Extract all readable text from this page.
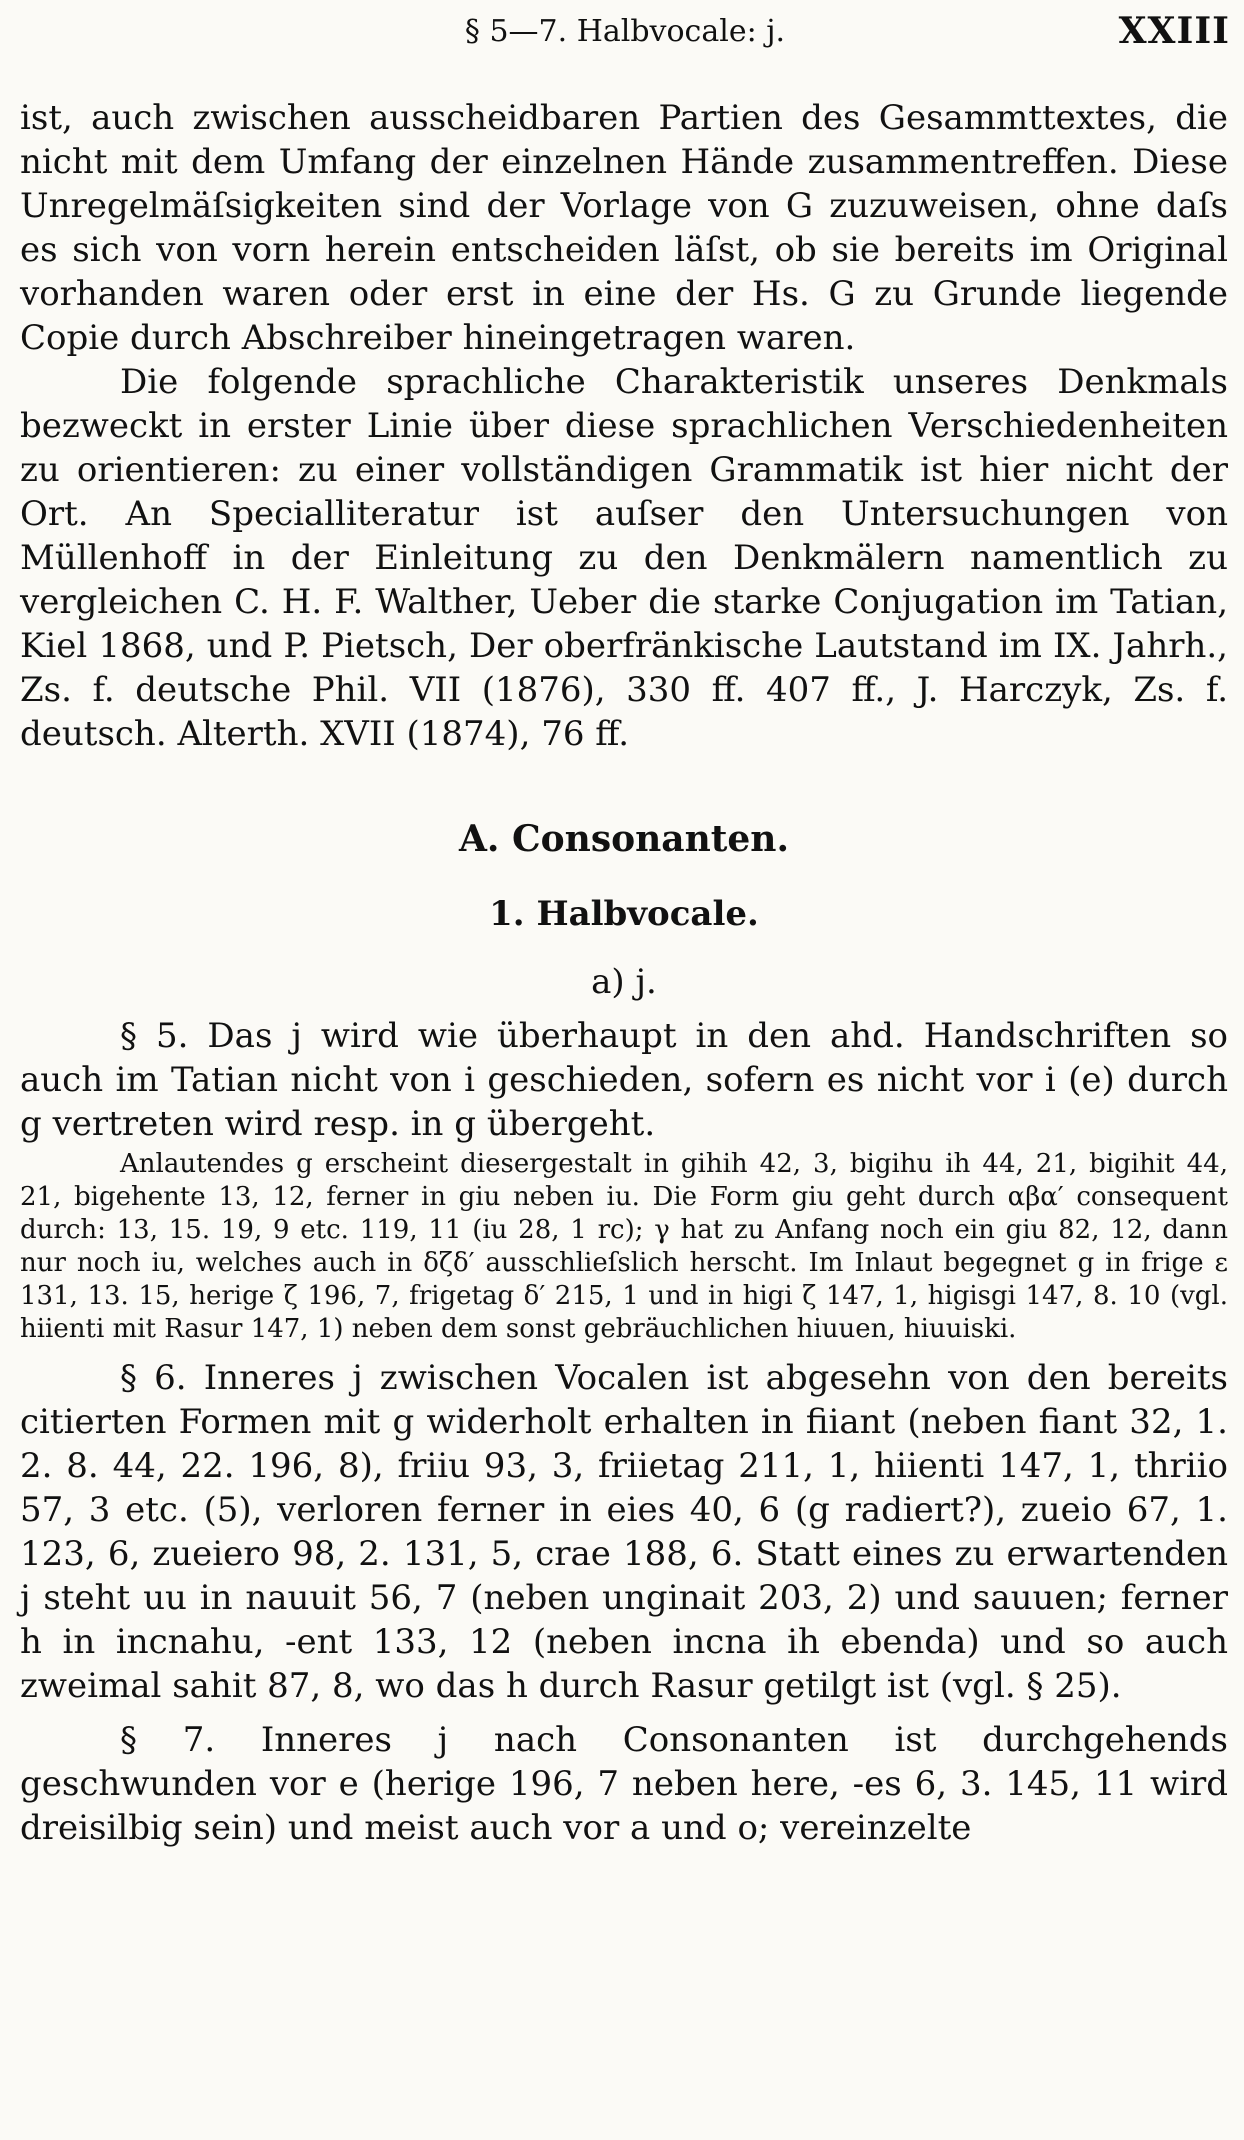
§ 5—7. Halbvocale: j.	XXIII

ist, auch zwischen ausscheidbaren Partien des Gesammttextes, die nicht mit dem Umfang der einzelnen Hände zusammentreffen. Diese Unregelmäſsigkeiten sind der Vorlage von G zuzuweisen, ohne daſs es sich von vorn herein entscheiden läſst, ob sie bereits im Original vorhanden waren oder erst in eine der Hs. G zu Grunde liegende Copie durch Abschreiber hineingetragen waren.

Die folgende sprachliche Charakteristik unseres Denkmals bezweckt in erster Linie über diese sprachlichen Verschiedenheiten zu orientieren: zu einer vollständigen Grammatik ist hier nicht der Ort. An Specialliteratur ist auſser den Untersuchungen von Müllenhoff in der Einleitung zu den Denkmälern namentlich zu vergleichen C. H. F. Walther, Ueber die starke Conjugation im Tatian, Kiel 1868, und P. Pietsch, Der oberfränkische Lautstand im IX. Jahrh., Zs. f. deutsche Phil. VII (1876), 330 ff. 407 ff., J. Harczyk, Zs. f. deutsch. Alterth. XVII (1874), 76 ff.

A. Consonanten.
1. Halbvocale.
a) j.

§ 5. Das j wird wie überhaupt in den ahd. Handschriften so auch im Tatian nicht von i geschieden, sofern es nicht vor i (e) durch g vertreten wird resp. in g übergeht.

Anlautendes g erscheint diesergestalt in gihih 42, 3, bigihu ih 44, 21, bigihit 44, 21, bigehente 13, 12, ferner in giu neben iu. Die Form giu geht durch αβα′ consequent durch: 13, 15. 19, 9 etc. 119, 11 (iu 28, 1 rc); γ hat zu Anfang noch ein giu 82, 12, dann nur noch iu, welches auch in δζδ′ ausschlieſslich herscht. Im Inlaut begegnet g in frige ε 131, 13. 15, herige ζ 196, 7, frigetag δ′ 215, 1 und in higi ζ 147, 1, higisgi 147, 8. 10 (vgl. hiienti mit Rasur 147, 1) neben dem sonst gebräuchlichen hiuuen, hiuuiski.

§ 6. Inneres j zwischen Vocalen ist abgesehn von den bereits citierten Formen mit g widerholt erhalten in fiiant (neben fiant 32, 1. 2. 8. 44, 22. 196, 8), friiu 93, 3, friietag 211, 1, hiienti 147, 1, thriio 57, 3 etc. (5), verloren ferner in eies 40, 6 (g radiert?), zueio 67, 1. 123, 6, zueiero 98, 2. 131, 5, crae 188, 6. Statt eines zu erwartenden j steht uu in nauuit 56, 7 (neben unginait 203, 2) und sauuen; ferner h in incnahu, -ent 133, 12 (neben incna ih ebenda) und so auch zweimal sahit 87, 8, wo das h durch Rasur getilgt ist (vgl. § 25).

§ 7. Inneres j nach Consonanten ist durchgehends geschwunden vor e (herige 196, 7 neben here, -es 6, 3. 145, 11 wird dreisilbig sein) und meist auch vor a und o; vereinzelte
